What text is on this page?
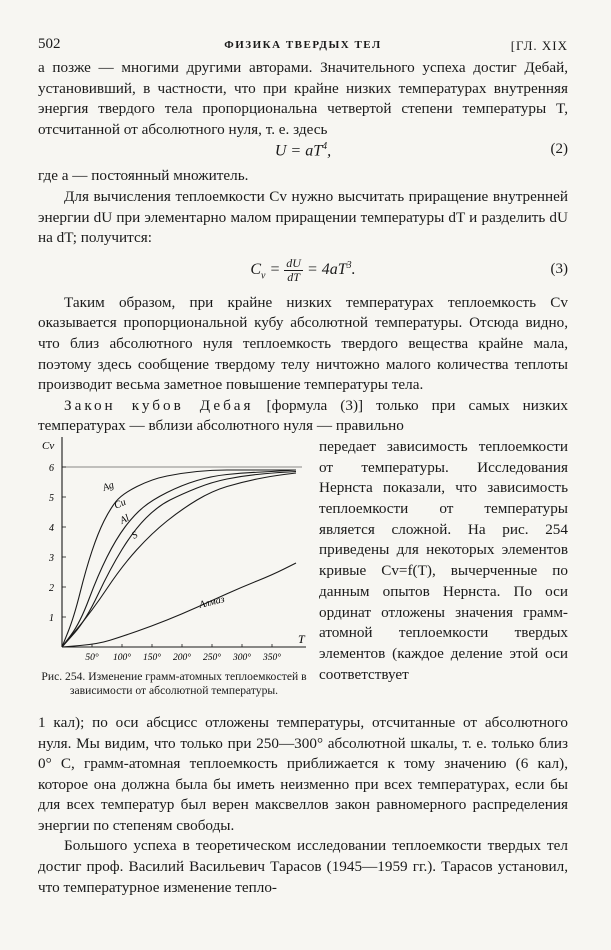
502	ФИЗИКА ТВЕРДЫХ ТЕЛ	[ГЛ. XIX

а позже — многими другими авторами. Значительного успеха достиг Дебай, установивший, в частности, что при крайне низких температурах внутренняя энергия твердого тела пропорциональна четвертой степени температуры T, отсчитанной от абсолютного нуля, т. е. здесь

$U = aT^4$,	(2)

где a — постоянный множитель.

Для вычисления теплоемкости Cv нужно высчитать приращение внутренней энергии dU при элементарно малом приращении температуры dT и разделить dU на dT; получится:

$C_v = \frac{dU}{dT} = 4aT^3$.	(3)

Таким образом, при крайне низких температурах теплоемкость Cv оказывается пропорциональной кубу абсолютной температуры. Отсюда видно, что близ абсолютного нуля теплоемкость твердого вещества крайне мала, поэтому здесь сообщение твердому телу ничтожно малого количества теплоты производит весьма заметное повышение температуры тела.

Закон кубов Дебая [формула (3)] только при самых низких температурах — вблизи абсолютного нуля — правильно

1
2
3
4
5
6
50° 100° 150° 200° 250° 300° 350°
Ag
Cu
Al
S
Алмаз
Cv
T
Рис. 254. Изменение грамм-атомных теплоемкостей в зависимости от абсолютной температуры.

передает зависимость теплоемкости от температуры. Исследования Нернста показали, что зависимость теплоемкости от температуры является сложной. На рис. 254 приведены для некоторых элементов кривые Cv=f(T), вычерченные по данным опытов Нернста. По оси ординат отложены значения грамм-атомной теплоемкости твердых элементов (каждое деление этой оси соответствует

1 кал); по оси абсцисс отложены температуры, отсчитанные от абсолютного нуля. Мы видим, что только при 250—300° абсолютной шкалы, т. е. только близ 0° С, грамм-атомная теплоемкость приближается к тому значению (6 кал), которое она должна была бы иметь неизменно при всех температурах, если бы для всех температур был верен максвеллов закон равномерного распределения энергии по степеням свободы.

Большого успеха в теоретическом исследовании теплоемкости твердых тел достиг проф. Василий Васильевич Тарасов (1945—1959 гг.). Тарасов установил, что температурное изменение тепло-
